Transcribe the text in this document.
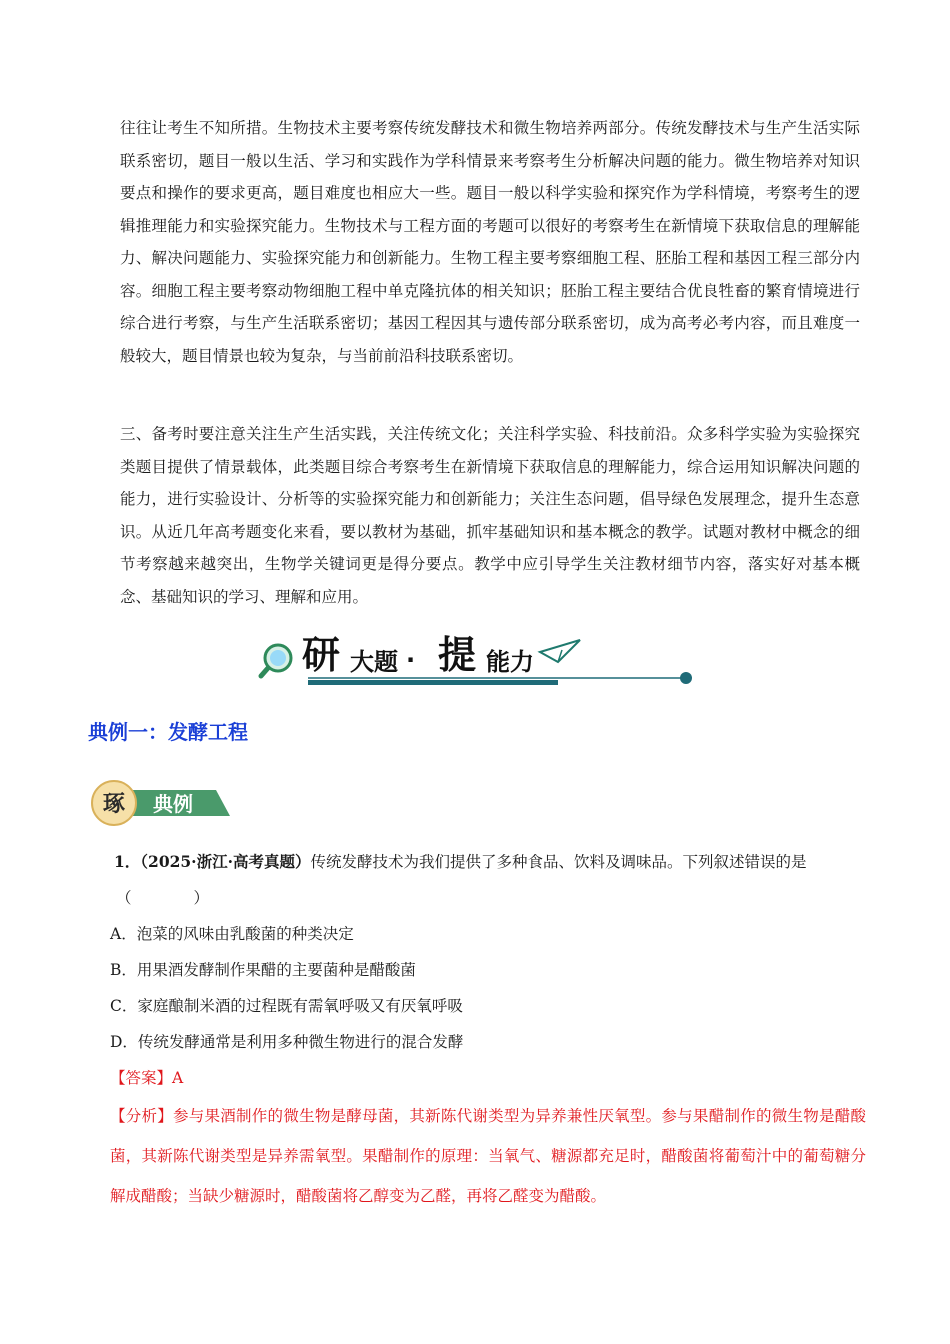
往往让考生不知所措。生物技术主要考察传统发酵技术和微生物培养两部分。传统发酵技术与生产生活实际联系密切，题目一般以生活、学习和实践作为学科情景来考察考生分析解决问题的能力。微生物培养对知识要点和操作的要求更高，题目难度也相应大一些。题目一般以科学实验和探究作为学科情境，考察考生的逻辑推理能力和实验探究能力。生物技术与工程方面的考题可以很好的考察考生在新情境下获取信息的理解能力、解决问题能力、实验探究能力和创新能力。生物工程主要考察细胞工程、胚胎工程和基因工程三部分内容。细胞工程主要考察动物细胞工程中单克隆抗体的相关知识；胚胎工程主要结合优良牲畜的繁育情境进行综合进行考察，与生产生活联系密切；基因工程因其与遗传部分联系密切，成为高考必考内容，而且难度一般较大，题目情景也较为复杂，与当前前沿科技联系密切。

三、备考时要注意关注生产生活实践，关注传统文化；关注科学实验、科技前沿。众多科学实验为实验探究类题目提供了情景载体，此类题目综合考察考生在新情境下获取信息的理解能力，综合运用知识解决问题的能力，进行实验设计、分析等的实验探究能力和创新能力；关注生态问题，倡导绿色发展理念，提升生态意识。从近几年高考题变化来看，要以教材为基础，抓牢基础知识和基本概念的教学。试题对教材中概念的细节考察越来越突出，生物学关键词更是得分要点。教学中应引导学生关注教材细节内容，落实好对基本概念、基础知识的学习、理解和应用。

研 大题 · 提 能力
典例一：发酵工程
琢 典例

1．（2025·浙江·高考真题）传统发酵技术为我们提供了多种食品、饮料及调味品。下列叙述错误的是

（　　　　）

A．泡菜的风味由乳酸菌的种类决定

B．用果酒发酵制作果醋的主要菌种是醋酸菌

C．家庭酿制米酒的过程既有需氧呼吸又有厌氧呼吸

D．传统发酵通常是利用多种微生物进行的混合发酵

【答案】A

【分析】参与果酒制作的微生物是酵母菌，其新陈代谢类型为异养兼性厌氧型。参与果醋制作的微生物是醋酸菌，其新陈代谢类型是异养需氧型。果醋制作的原理：当氧气、糖源都充足时，醋酸菌将葡萄汁中的葡萄糖分解成醋酸；当缺少糖源时，醋酸菌将乙醇变为乙醛，再将乙醛变为醋酸。
